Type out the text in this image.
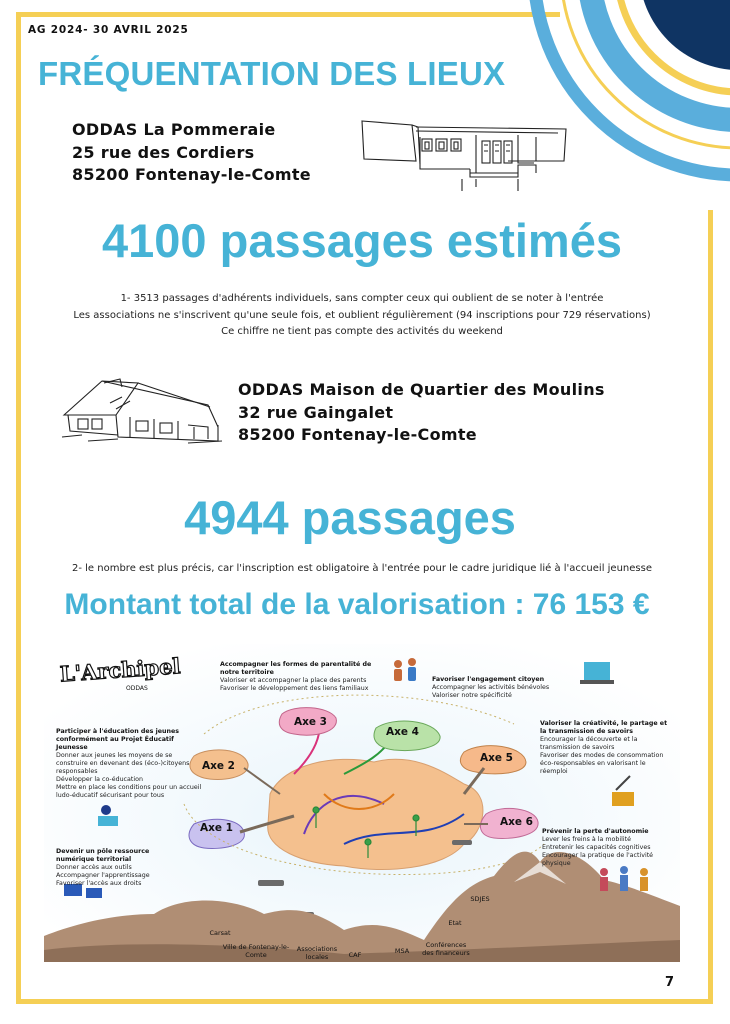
AG 2024- 30 AVRIL 2025
FRÉQUENTATION DES LIEUX
ODDAS La Pommeraie
25 rue des Cordiers
85200 Fontenay-le-Comte
4100 passages estimés
1- 3513 passages d'adhérents individuels, sans compter ceux qui oublient de se noter à l'entrée
Les associations ne s'inscrivent qu'une seule fois, et oublient régulièrement (94 inscriptions pour 729 réservations)
Ce chiffre ne tient pas compte des activités du weekend
ODDAS Maison de Quartier des Moulins
32 rue Gaingalet
85200 Fontenay-le-Comte
4944 passages
2- le nombre est plus précis, car l'inscription est obligatoire à l'entrée pour le cadre juridique lié à l'accueil jeunesse
Montant total de la valorisation : 76 153 €
L'Archipel
ODDAS
Axe 1
Axe 2
Axe 3
Axe 4
Axe 5
Axe 6
Accompagner les formes de parentalité de notre territoire
Valoriser et accompagner la place des parents
Favoriser le développement des liens familiaux
Favoriser l'engagement citoyen
Accompagner les activités bénévoles
Valoriser notre spécificité
Participer à l'éducation des jeunes conformément au Projet Éducatif Jeunesse
Donner aux jeunes les moyens de se construire en devenant des (éco-)citoyens responsables
Développer la co-éducation
Mettre en place les conditions pour un accueil ludo-éducatif sécurisant pour tous
Valoriser la créativité, le partage et la transmission de savoirs
Encourager la découverte et la transmission de savoirs
Favoriser des modes de consommation éco-responsables en valorisant le réemploi
Devenir un pôle ressource numérique territorial
Donner accès aux outils
Accompagner l'apprentissage
Favoriser l'accès aux droits
Prévenir la perte d'autonomie
Lever les freins à la mobilité
Entretenir les capacités cognitives
Encourager la pratique de l'activité physique
Carsat
Ville de Fontenay-le-Comte
Associations locales	CAF	MSA
Conférences des financeurs
Etat
SDJES
7
